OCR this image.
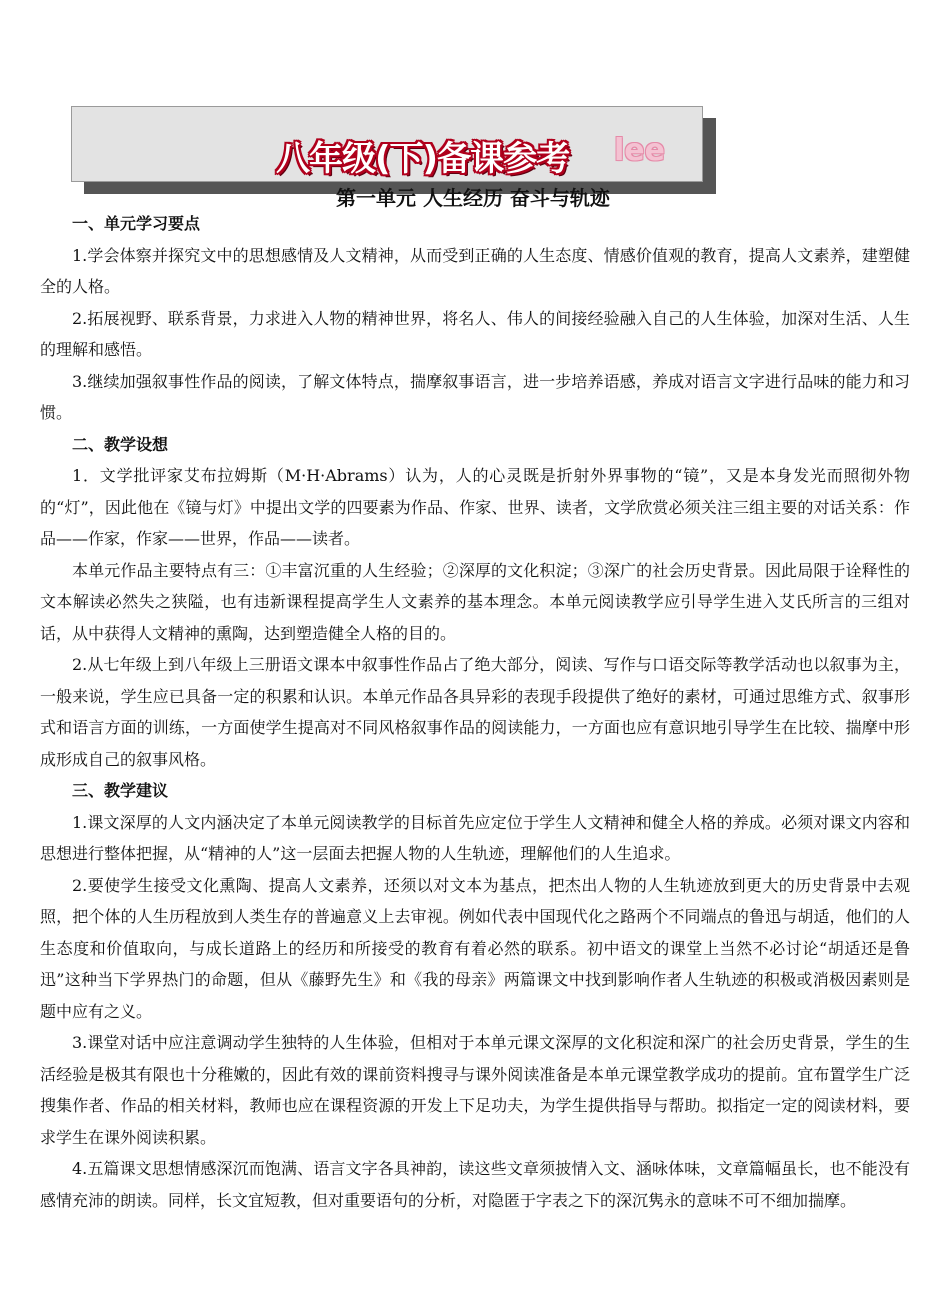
八年级(下)备课参考 lee
第一单元 人生经历 奋斗与轨迹
一、单元学习要点

1.学会体察并探究文中的思想感情及人文精神，从而受到正确的人生态度、情感价值观的教育，提高人文素养，建塑健全的人格。

2.拓展视野、联系背景，力求进入人物的精神世界，将名人、伟人的间接经验融入自己的人生体验，加深对生活、人生的理解和感悟。

3.继续加强叙事性作品的阅读，了解文体特点，揣摩叙事语言，进一步培养语感，养成对语言文字进行品味的能力和习惯。

二、教学设想

1．文学批评家艾布拉姆斯（M·H·Abrams）认为，人的心灵既是折射外界事物的“镜”，又是本身发光而照彻外物的“灯”，因此他在《镜与灯》中提出文学的四要素为作品、作家、世界、读者，文学欣赏必须关注三组主要的对话关系：作品——作家，作家——世界，作品——读者。

本单元作品主要特点有三：①丰富沉重的人生经验；②深厚的文化积淀；③深广的社会历史背景。因此局限于诠释性的文本解读必然失之狭隘，也有违新课程提高学生人文素养的基本理念。本单元阅读教学应引导学生进入艾氏所言的三组对话，从中获得人文精神的熏陶，达到塑造健全人格的目的。

2.从七年级上到八年级上三册语文课本中叙事性作品占了绝大部分，阅读、写作与口语交际等教学活动也以叙事为主，一般来说，学生应已具备一定的积累和认识。本单元作品各具异彩的表现手段提供了绝好的素材，可通过思维方式、叙事形式和语言方面的训练，一方面使学生提高对不同风格叙事作品的阅读能力，一方面也应有意识地引导学生在比较、揣摩中形成形成自己的叙事风格。

三、教学建议

1.课文深厚的人文内涵决定了本单元阅读教学的目标首先应定位于学生人文精神和健全人格的养成。必须对课文内容和思想进行整体把握，从“精神的人”这一层面去把握人物的人生轨迹，理解他们的人生追求。

2.要使学生接受文化熏陶、提高人文素养，还须以对文本为基点，把杰出人物的人生轨迹放到更大的历史背景中去观照，把个体的人生历程放到人类生存的普遍意义上去审视。例如代表中国现代化之路两个不同端点的鲁迅与胡适，他们的人生态度和价值取向，与成长道路上的经历和所接受的教育有着必然的联系。初中语文的课堂上当然不必讨论“胡适还是鲁迅”这种当下学界热门的命题，但从《藤野先生》和《我的母亲》两篇课文中找到影响作者人生轨迹的积极或消极因素则是题中应有之义。

3.课堂对话中应注意调动学生独特的人生体验，但相对于本单元课文深厚的文化积淀和深广的社会历史背景，学生的生活经验是极其有限也十分稚嫩的，因此有效的课前资料搜寻与课外阅读准备是本单元课堂教学成功的提前。宜布置学生广泛搜集作者、作品的相关材料，教师也应在课程资源的开发上下足功夫，为学生提供指导与帮助。拟指定一定的阅读材料，要求学生在课外阅读积累。

4.五篇课文思想情感深沉而饱满、语言文字各具神韵，读这些文章须披情入文、涵咏体味，文章篇幅虽长，也不能没有感情充沛的朗读。同样，长文宜短教，但对重要语句的分析，对隐匿于字表之下的深沉隽永的意味不可不细加揣摩。
